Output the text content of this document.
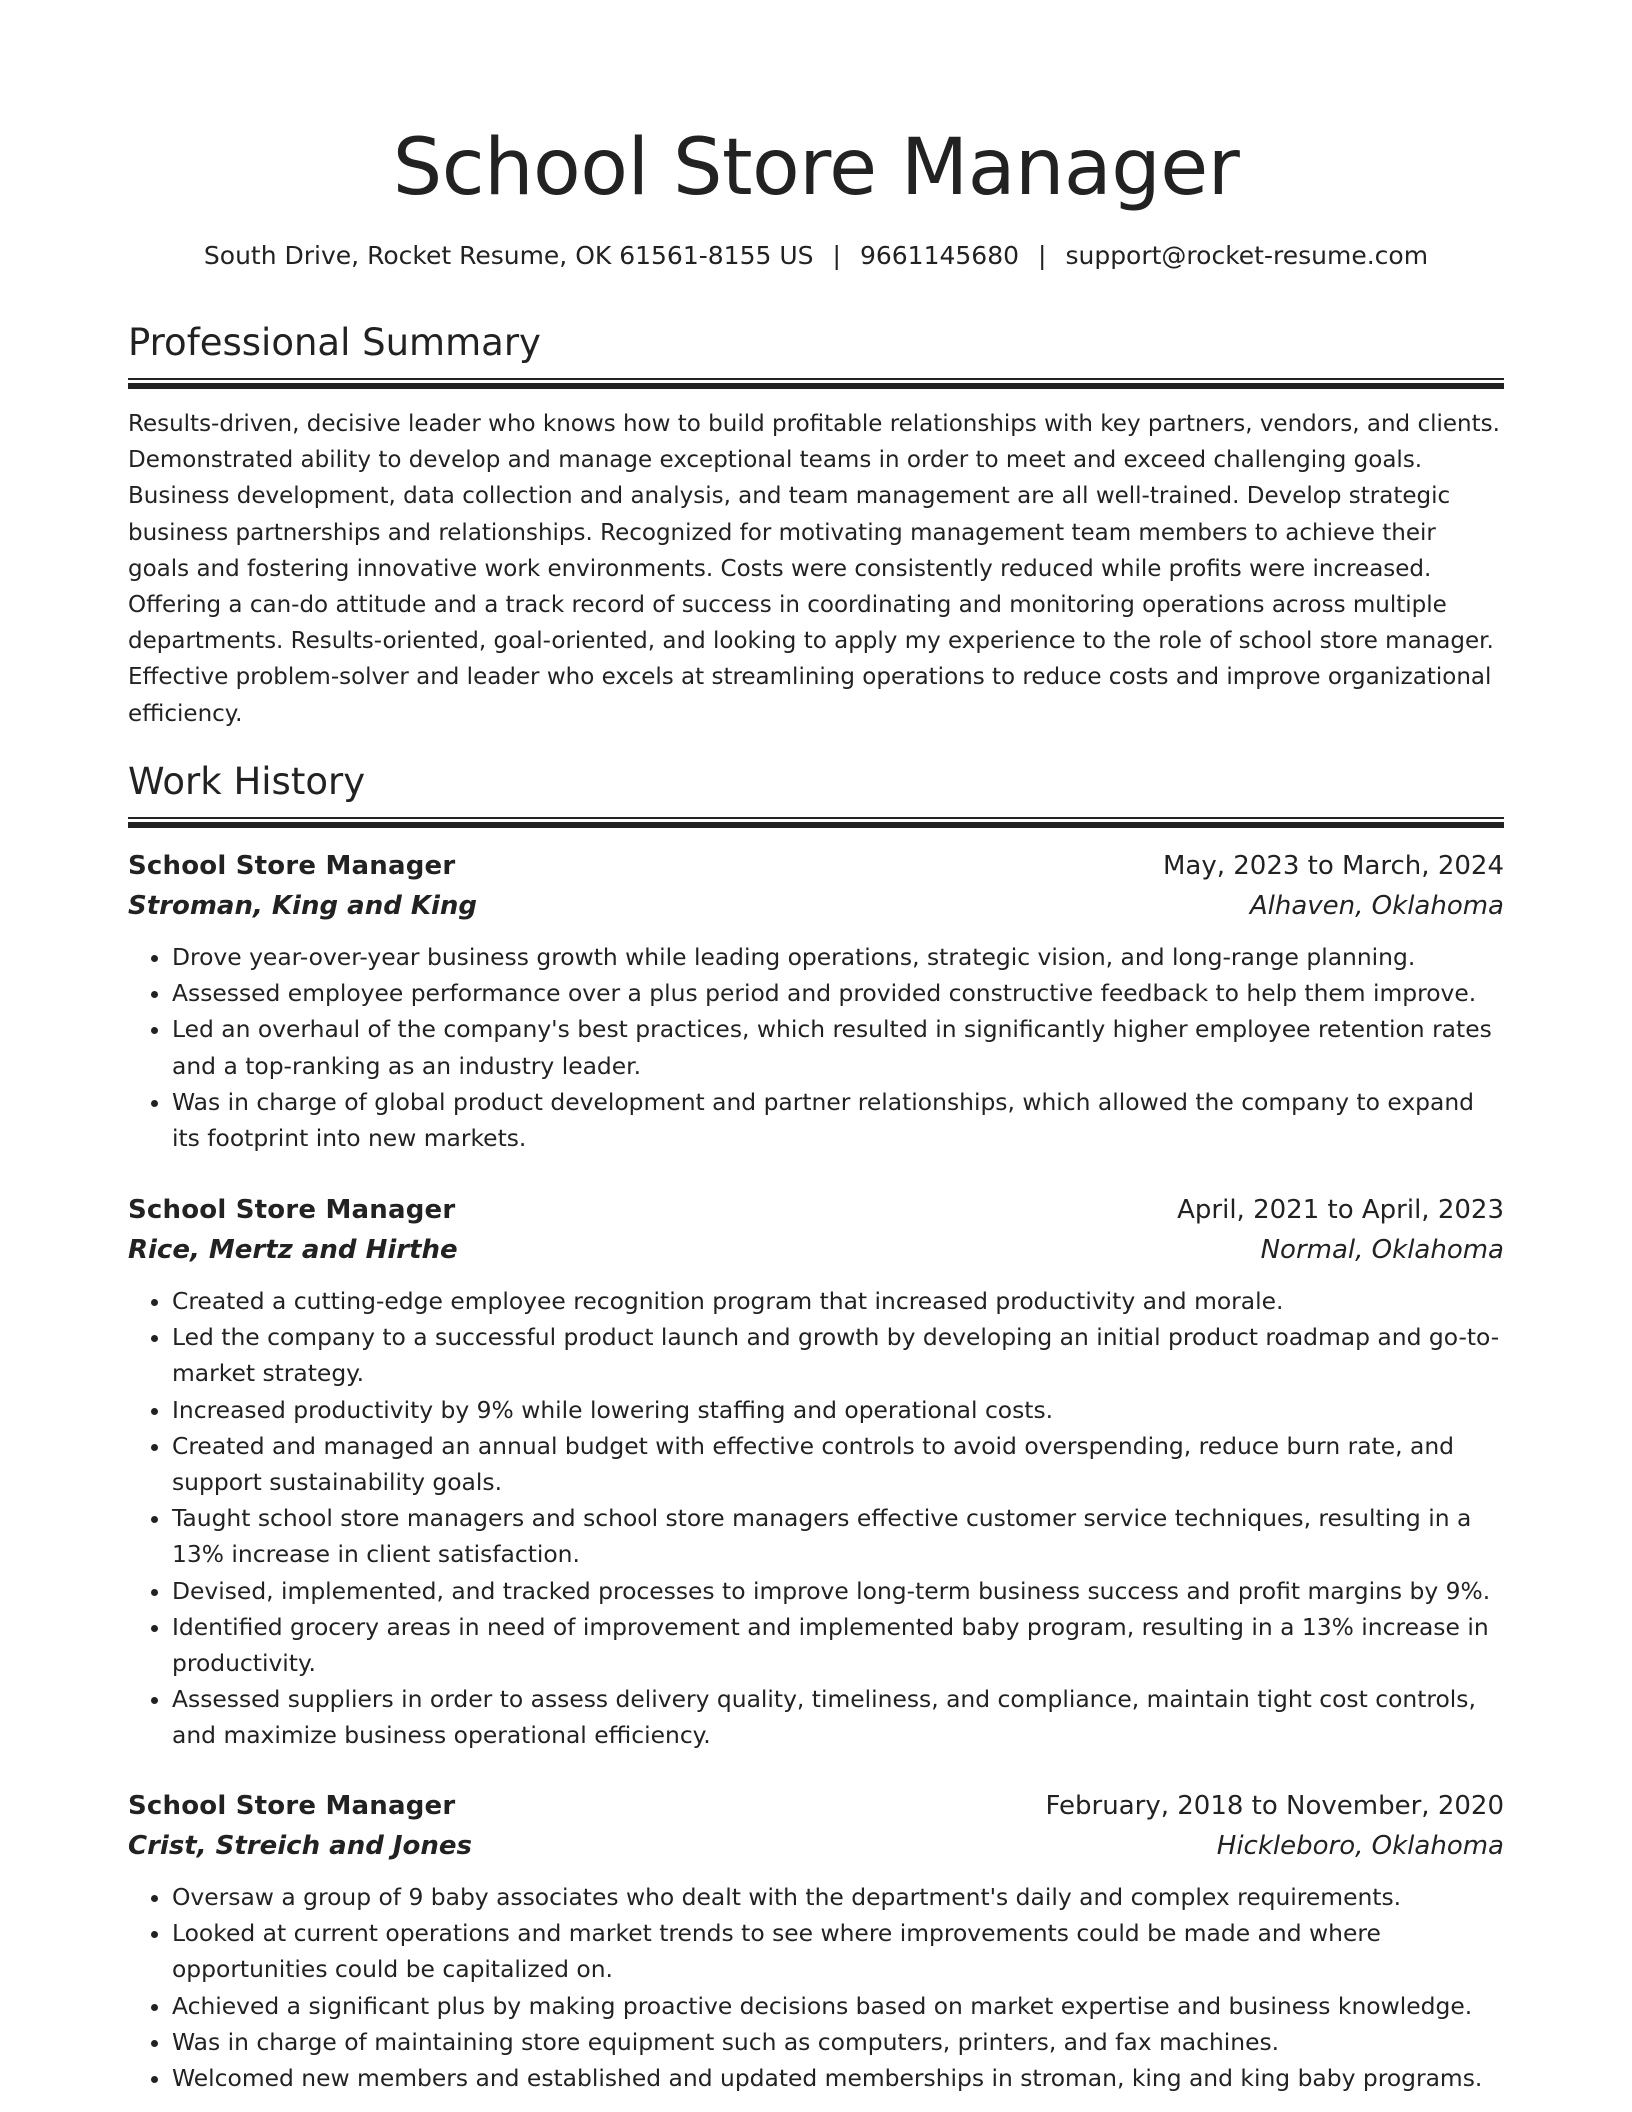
School Store Manager
South Drive, Rocket Resume, OK 61561-8155 US | 9661145680 | support@rocket-resume.com
Professional Summary

Results-driven, decisive leader who knows how to build profitable relationships with key partners, vendors, and clients. Demonstrated ability to develop and manage exceptional teams in order to meet and exceed challenging goals. Business development, data collection and analysis, and team management are all well-trained. Develop strategic business partnerships and relationships. Recognized for motivating management team members to achieve their goals and fostering innovative work environments. Costs were consistently reduced while profits were increased. Offering a can-do attitude and a track record of success in coordinating and monitoring operations across multiple departments. Results-oriented, goal-oriented, and looking to apply my experience to the role of school store manager. Effective problem-solver and leader who excels at streamlining operations to reduce costs and improve organizational efficiency.

Work History
School Store Manager	May, 2023 to March, 2024
Stroman, King and King	Alhaven, Oklahoma
• Drove year-over-year business growth while leading operations, strategic vision, and long-range planning.
• Assessed employee performance over a plus period and provided constructive feedback to help them improve.
• Led an overhaul of the company's best practices, which resulted in significantly higher employee retention rates and a top-ranking as an industry leader.
• Was in charge of global product development and partner relationships, which allowed the company to expand its footprint into new markets.
School Store Manager	April, 2021 to April, 2023
Rice, Mertz and Hirthe	Normal, Oklahoma
• Created a cutting-edge employee recognition program that increased productivity and morale.
• Led the company to a successful product launch and growth by developing an initial product roadmap and go-to-market strategy.
• Increased productivity by 9% while lowering staffing and operational costs.
• Created and managed an annual budget with effective controls to avoid overspending, reduce burn rate, and support sustainability goals.
• Taught school store managers and school store managers effective customer service techniques, resulting in a 13% increase in client satisfaction.
• Devised, implemented, and tracked processes to improve long-term business success and profit margins by 9%.
• Identified grocery areas in need of improvement and implemented baby program, resulting in a 13% increase in productivity.
• Assessed suppliers in order to assess delivery quality, timeliness, and compliance, maintain tight cost controls, and maximize business operational efficiency.
School Store Manager	February, 2018 to November, 2020
Crist, Streich and Jones	Hickleboro, Oklahoma
• Oversaw a group of 9 baby associates who dealt with the department's daily and complex requirements.
• Looked at current operations and market trends to see where improvements could be made and where opportunities could be capitalized on.
• Achieved a significant plus by making proactive decisions based on market expertise and business knowledge.
• Was in charge of maintaining store equipment such as computers, printers, and fax machines.
• Welcomed new members and established and updated memberships in stroman, king and king baby programs.
